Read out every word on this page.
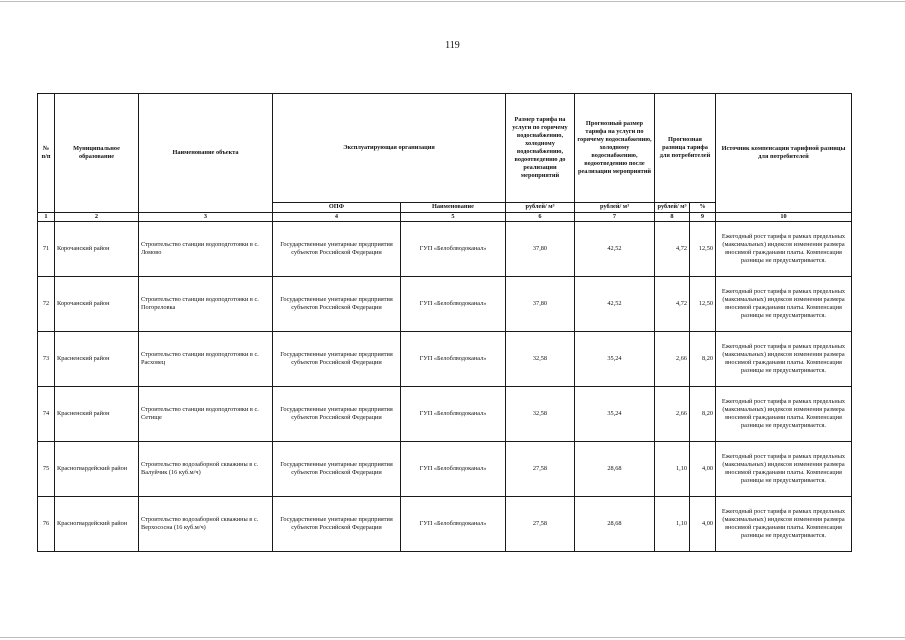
119
№ п/п	Муниципальное образование	Наименование объекта	Эксплуатирующая организация		Размер тарифа на услуги по горячему водоснабжению, холодному водоснабжению, водоотведению до реализации мероприятий	Прогнозный размер тарифа на услуги по горячему водоснабжению, холодному водоснабжению, водоотведению после реализации мероприятий	Прогнозная разница тарифа для потребителей		Источник компенсации тарифной разницы для потребителей
			ОПФ	Наименование	рублей/ м³	рублей/ м³	рублей/ м³	%	
1	2	3	4	5	6	7	8	9	10
71	Корочанский район	Строительство станции водоподготовки в с. Ломово	Государственные унитарные предприятия субъектов Российской Федерации	ГУП «Белоблводоканал»	37,80	42,52	4,72	12,50	Ежегодный рост тарифа в рамках предельных (максимальных) индексов изменения размера вносимой гражданами платы. Компенсация разницы не предусматривается.
72	Корочанский район	Строительство станции водоподготовки в с. Погореловка	Государственные унитарные предприятия субъектов Российской Федерации	ГУП «Белоблводоканал»	37,80	42,52	4,72	12,50	Ежегодный рост тарифа в рамках предельных (максимальных) индексов изменения размера вносимой гражданами платы. Компенсация разницы не предусматривается.
73	Красненский район	Строительство станции водоподготовки в с. Расховец	Государственные унитарные предприятия субъектов Российской Федерации	ГУП «Белоблводоканал»	32,58	35,24	2,66	8,20	Ежегодный рост тарифа в рамках предельных (максимальных) индексов изменения размера вносимой гражданами платы. Компенсация разницы не предусматривается.
74	Красненский район	Строительство станции водоподготовки в с. Сетище	Государственные унитарные предприятия субъектов Российской Федерации	ГУП «Белоблводоканал»	32,58	35,24	2,66	8,20	Ежегодный рост тарифа в рамках предельных (максимальных) индексов изменения размера вносимой гражданами платы. Компенсация разницы не предусматривается.
75	Красногвардейский район	Строительство водозаборной скважины в с. Валуйчик (16 куб.м/ч)	Государственные унитарные предприятия субъектов Российской Федерации	ГУП «Белоблводоканал»	27,58	28,68	1,10	4,00	Ежегодный рост тарифа в рамках предельных (максимальных) индексов изменения размера вносимой гражданами платы. Компенсация разницы не предусматривается.
76	Красногвардейский район	Строительство водозаборной скважины в с. Верхососна (16 куб.м/ч)	Государственные унитарные предприятия субъектов Российской Федерации	ГУП «Белоблводоканал»	27,58	28,68	1,10	4,00	Ежегодный рост тарифа в рамках предельных (максимальных) индексов изменения размера вносимой гражданами платы. Компенсация разницы не предусматривается.
